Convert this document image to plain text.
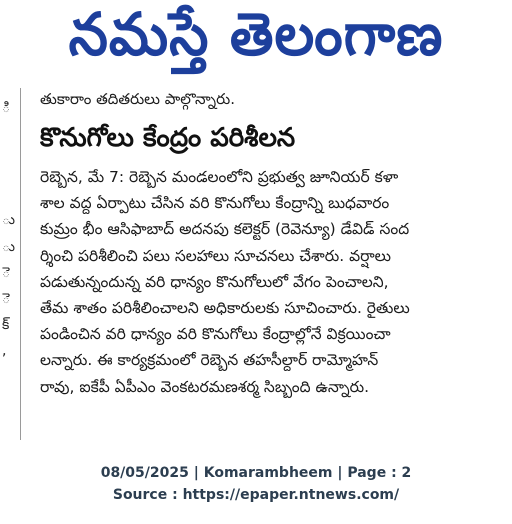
నమస్తే తెలంగాణ
ి
ు
ు
ె
ె
క్
,
తుకారాం తదితరులు పాల్గొన్నారు.
కొనుగోలు కేంద్రం పరిశీలన
రెబ్బెన, మే 7: రెబ్బెన మండలంలోని ప్రభుత్వ జూనియర్ కళా
శాల వద్ద ఏర్పాటు చేసిన వరి కొనుగోలు కేంద్రాన్ని బుధవారం
కుమ్రం భీం ఆసిఫాబాద్ అదనపు కలెక్టర్ (రెవెన్యూ) డేవిడ్ సంద
ర్శించి పరిశీలించి పలు సలహాలు సూచనలు చేశారు. వర్షాలు
పడుతున్నందున్న వరి ధాన్యం కొనుగోలులో వేగం పెంచాలని,
తేమ శాతం పరిశీలించాలని అధికారులకు సూచించారు. రైతులు
పండించిన వరి ధాన్యం వరి కొనుగోలు కేంద్రాల్లోనే విక్రయించా
లన్నారు. ఈ కార్యక్రమంలో రెబ్బెన తహసీల్దార్ రామ్మోహన్
రావు, ఐకేపీ ఏపీఎం వెంకటరమణశర్మ సిబ్బంది ఉన్నారు.
08/05/2025 | Komarambheem | Page : 2
Source : https://epaper.ntnews.com/
